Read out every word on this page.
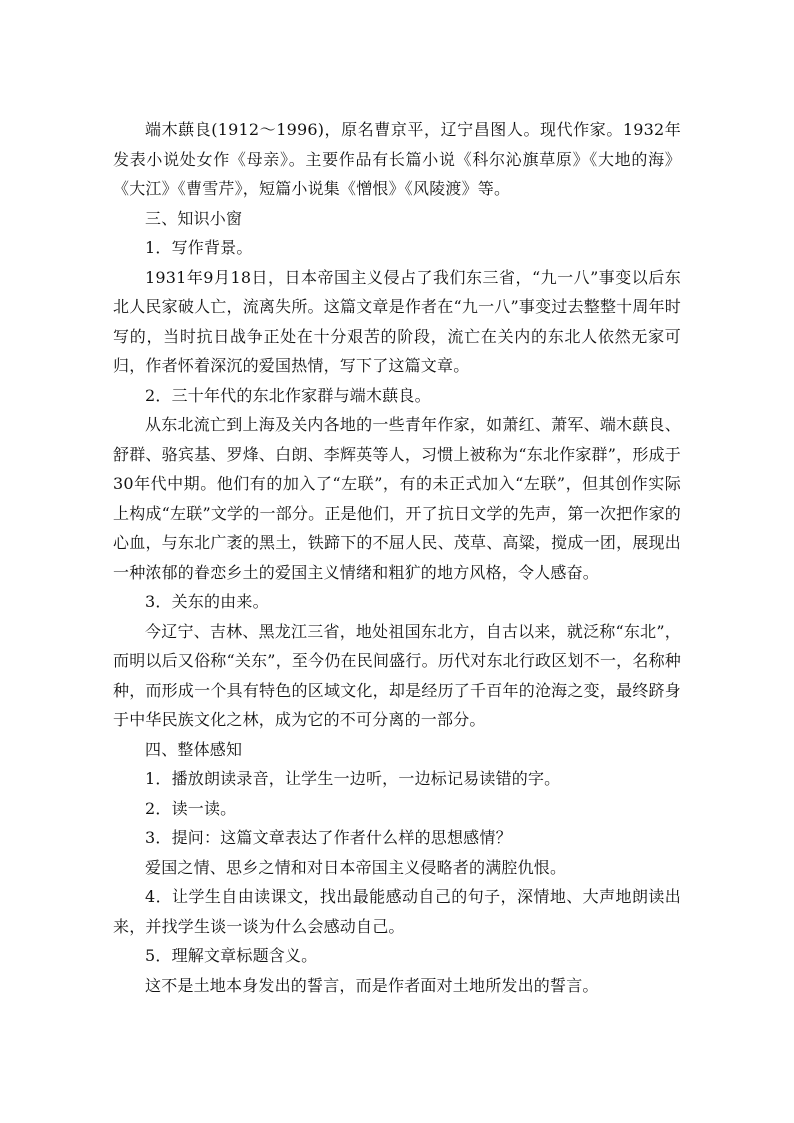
端木蕻良(1912～1996)，原名曹京平，辽宁昌图人。现代作家。1932年发表小说处女作《母亲》。主要作品有长篇小说《科尔沁旗草原》《大地的海》《大江》《曹雪芹》，短篇小说集《憎恨》《风陵渡》等。

三、知识小窗

1．写作背景。

1931年9月18日，日本帝国主义侵占了我们东三省，“九一八”事变以后东北人民家破人亡，流离失所。这篇文章是作者在“九一八”事变过去整整十周年时写的，当时抗日战争正处在十分艰苦的阶段，流亡在关内的东北人依然无家可归，作者怀着深沉的爱国热情，写下了这篇文章。

2．三十年代的东北作家群与端木蕻良。

从东北流亡到上海及关内各地的一些青年作家，如萧红、萧军、端木蕻良、舒群、骆宾基、罗烽、白朗、李辉英等人，习惯上被称为“东北作家群”，形成于30年代中期。他们有的加入了“左联”，有的未正式加入“左联”，但其创作实际上构成“左联”文学的一部分。正是他们，开了抗日文学的先声，第一次把作家的心血，与东北广袤的黑土，铁蹄下的不屈人民、茂草、高粱，搅成一团，展现出一种浓郁的眷恋乡土的爱国主义情绪和粗犷的地方风格，令人感奋。

3．关东的由来。

今辽宁、吉林、黑龙江三省，地处祖国东北方，自古以来，就泛称“东北”，而明以后又俗称“关东”，至今仍在民间盛行。历代对东北行政区划不一，名称种种，而形成一个具有特色的区域文化，却是经历了千百年的沧海之变，最终跻身于中华民族文化之林，成为它的不可分离的一部分。

四、整体感知

1．播放朗读录音，让学生一边听，一边标记易读错的字。

2．读一读。

3．提问：这篇文章表达了作者什么样的思想感情？

爱国之情、思乡之情和对日本帝国主义侵略者的满腔仇恨。

4．让学生自由读课文，找出最能感动自己的句子，深情地、大声地朗读出来，并找学生谈一谈为什么会感动自己。

5．理解文章标题含义。

这不是土地本身发出的誓言，而是作者面对土地所发出的誓言。
